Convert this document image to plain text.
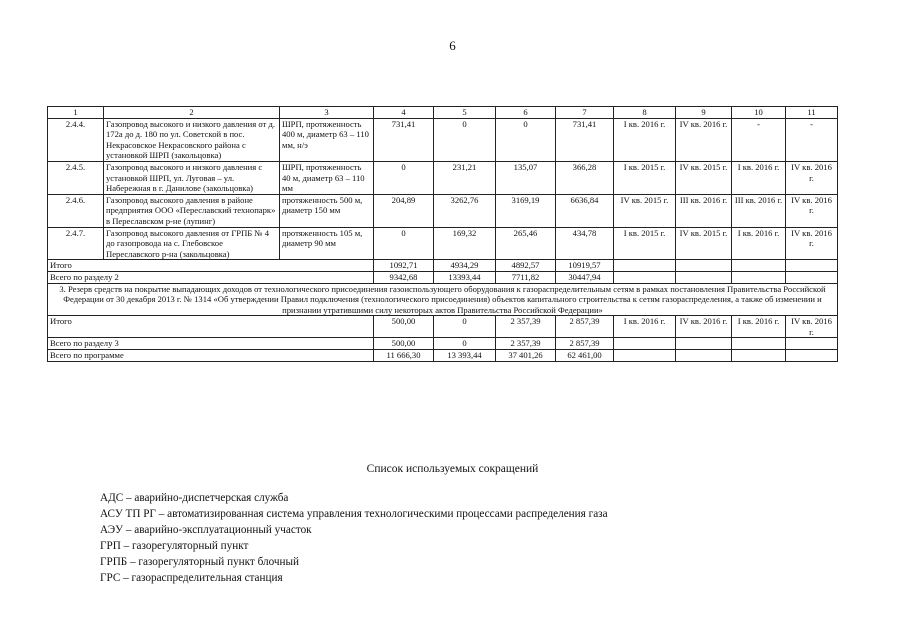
6
1	2	3	4	5	6	7	8	9	10	11
2.4.4.	Газопровод высокого и низкого давления от д. 172а до д. 180 по ул. Советской в пос. Некрасовское Некрасовского района с установкой ШРП (закольцовка)	ШРП, протяженность 400 м, диаметр 63 – 110 мм, н/э	731,41	0	0	731,41	I кв. 2016 г.	IV кв. 2016 г.	-	-
2.4.5.	Газопровод высокого и низкого давления с установкой ШРП, ул. Луговая – ул. Набережная в г. Данилове (закольцовка)	ШРП, протяженность 40 м, диаметр 63 – 110 мм	0	231,21	135,07	366,28	I кв. 2015 г.	IV кв. 2015 г.	I кв. 2016 г.	IV кв. 2016 г.
2.4.6.	Газопровод высокого давления в районе предприятия ООО «Переславский технопарк» в Переславском р-не (лупинг)	протяженность 500 м, диаметр 150 мм	204,89	3262,76	3169,19	6636,84	IV кв. 2015 г.	III кв. 2016 г.	III кв. 2016 г.	IV кв. 2016 г.
2.4.7.	Газопровод высокого давления от ГРПБ № 4 до газопровода на с. Глебовское Переславского р-на (закольцовка)	протяженность 105 м, диаметр 90 мм	0	169,32	265,46	434,78	I кв. 2015 г.	IV кв. 2015 г.	I кв. 2016 г.	IV кв. 2016 г.
Итого			1092,71	4934,29	4892,57	10919,57				
Всего по разделу 2			9342,68	13393,44	7711,82	30447,94				
3. Резерв средств на покрытие выпадающих доходов от технологического присоединения газоиспользующего оборудования к газораспределительным сетям в рамках постановления Правительства Российской Федерации от 30 декабря 2013 г. № 1314 «Об утверждении Правил подключения (технологического присоединения) объектов капитального строительства к сетям газораспределения, а также об изменении и признании утратившими силу некоторых актов Правительства Российской Федерации»										
Итого			500,00	0	2 357,39	2 857,39	I кв. 2016 г.	IV кв. 2016 г.	I кв. 2016 г.	IV кв. 2016 г.
Всего по разделу 3			500,00	0	2 357,39	2 857,39				
Всего по программе			11 666,30	13 393,44	37 401,26	62 461,00				
Список используемых сокращений
АДС – аварийно-диспетчерская служба
АСУ ТП РГ – автоматизированная система управления технологическими процессами распределения газа
АЭУ – аварийно-эксплуатационный участок
ГРП – газорегуляторный пункт
ГРПБ – газорегуляторный пункт блочный
ГРС – газораспределительная станция
